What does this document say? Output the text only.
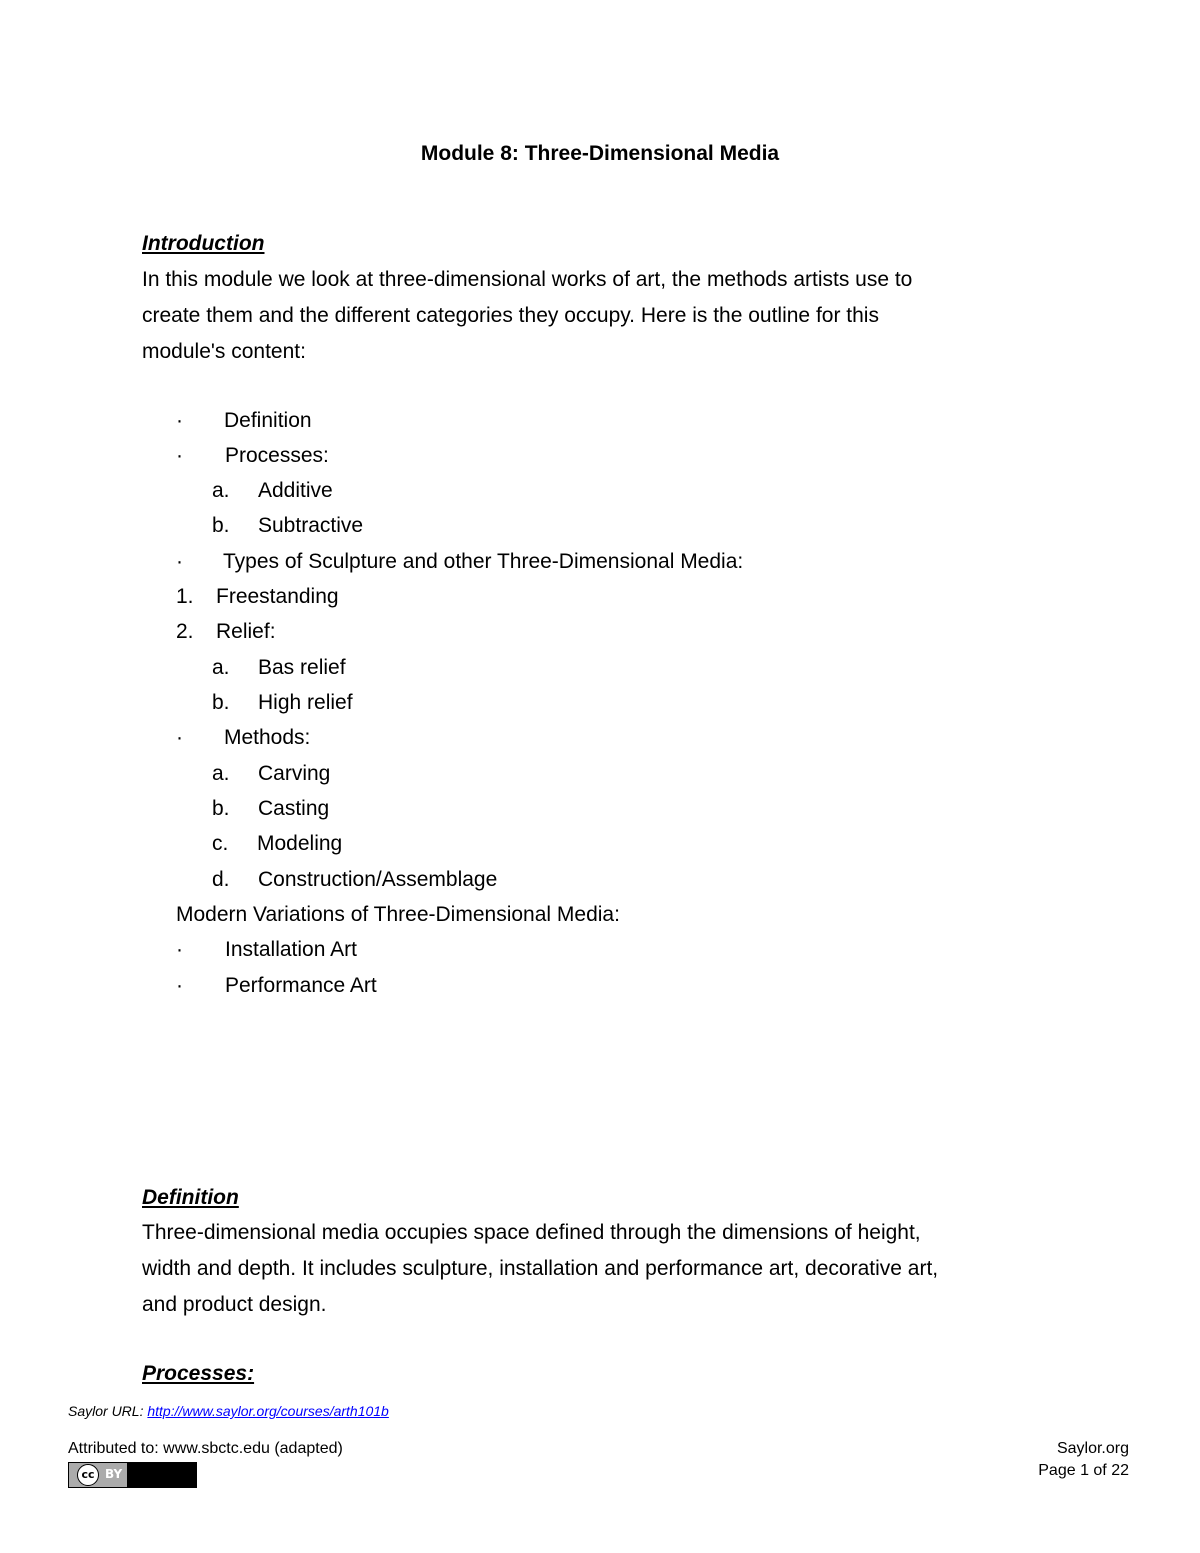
Module 8: Three-Dimensional Media
Introduction
In this module we look at three-dimensional works of art, the methods artists use to
create them and the different categories they occupy. Here is the outline for this
module's content:
· Definition
· Processes:
a. Additive
b. Subtractive
· Types of Sculpture and other Three-Dimensional Media:
1. Freestanding
2. Relief:
a. Bas relief
b. High relief
· Methods:
a. Carving
b. Casting
c. Modeling
d. Construction/Assemblage
Modern Variations of Three-Dimensional Media:
· Installation Art
· Performance Art
Definition
Three-dimensional media occupies space defined through the dimensions of height,
width and depth. It includes sculpture, installation and performance art, decorative art,
and product design.
Processes:
Saylor URL: http://www.saylor.org/courses/arth101b
Attributed to: www.sbctc.edu (adapted)	Saylor.org
Page 1 of 22
cc BY
